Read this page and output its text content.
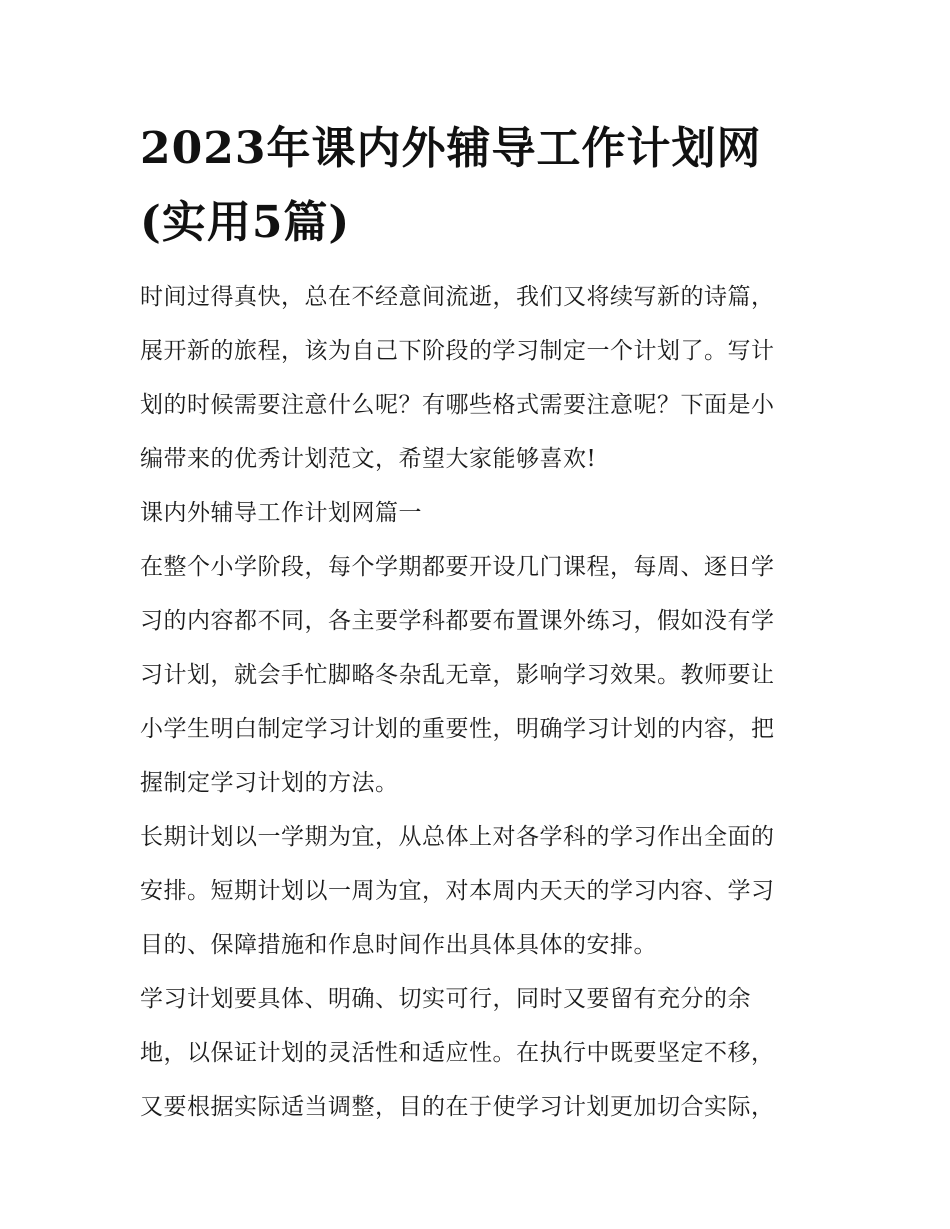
2023年课内外辅导工作计划网
(实用5篇)

时间过得真快，总在不经意间流逝，我们又将续写新的诗篇，
展开新的旅程，该为自己下阶段的学习制定一个计划了。写计
划的时候需要注意什么呢？有哪些格式需要注意呢？下面是小
编带来的优秀计划范文，希望大家能够喜欢!

课内外辅导工作计划网篇一

在整个小学阶段，每个学期都要开设几门课程，每周、逐日学
习的内容都不同，各主要学科都要布置课外练习，假如没有学
习计划，就会手忙脚略冬杂乱无章，影响学习效果。教师要让
小学生明白制定学习计划的重要性，明确学习计划的内容，把
握制定学习计划的方法。

长期计划以一学期为宜，从总体上对各学科的学习作出全面的
安排。短期计划以一周为宜，对本周内天天的学习内容、学习
目的、保障措施和作息时间作出具体具体的安排。

学习计划要具体、明确、切实可行，同时又要留有充分的余
地，以保证计划的灵活性和适应性。在执行中既要坚定不移，
又要根据实际适当调整，目的在于使学习计划更加切合实际，
